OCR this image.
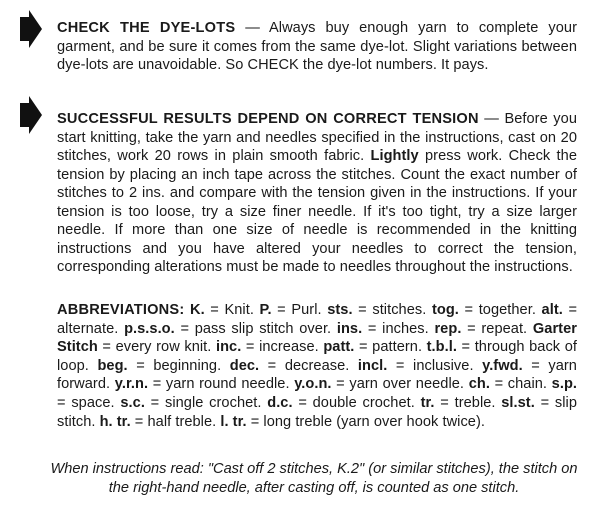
CHECK THE DYE-LOTS — Always buy enough yarn to complete your garment, and be sure it comes from the same dye-lot. Slight variations between dye-lots are unavoidable. So CHECK the dye-lot numbers. It pays.
SUCCESSFUL RESULTS DEPEND ON CORRECT TENSION — Before you start knitting, take the yarn and needles specified in the instructions, cast on 20 stitches, work 20 rows in plain smooth fabric. Lightly press work. Check the tension by placing an inch tape across the stitches. Count the exact number of stitches to 2 ins. and compare with the tension given in the instructions. If your tension is too loose, try a size finer needle. If it's too tight, try a size larger needle. If more than one size of needle is recommended in the knitting instructions and you have altered your needles to correct the tension, corresponding alterations must be made to needles throughout the instructions.
ABBREVIATIONS: K. = Knit. P. = Purl. sts. = stitches. tog. = together. alt. = alternate. p.s.s.o. = pass slip stitch over. ins. = inches. rep. = repeat. Garter Stitch = every row knit. inc. = increase. patt. = pattern. t.b.l. = through back of loop. beg. = beginning. dec. = decrease. incl. = inclusive. y.fwd. = yarn forward. y.r.n. = yarn round needle. y.o.n. = yarn over needle. ch. = chain. s.p. = space. s.c. = single crochet. d.c. = double crochet. tr. = treble. sl.st. = slip stitch. h. tr. = half treble. l. tr. = long treble (yarn over hook twice).
When instructions read: "Cast off 2 stitches, K.2" (or similar stitches), the stitch on the right-hand needle, after casting off, is counted as one stitch.
